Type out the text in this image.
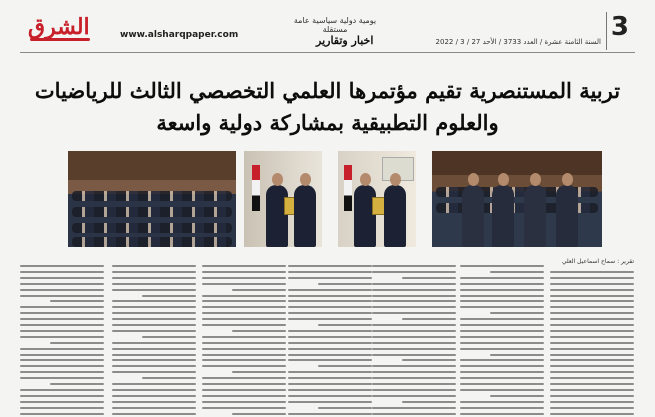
الشرق	www.alsharqpaper.com
يومية دولية سياسية عامة مستقلة
اخبار وتقارير	السنة الثامنة عشرة / العدد 3733 / الأحد 27 / 3 / 2022 3
تربية المستنصرية تقيم مؤتمرها العلمي التخصصي الثالث للرياضيات
والعلوم التطبيقية بمشاركة دولية واسعة
تقرير : سماح اسماعيل العلي
